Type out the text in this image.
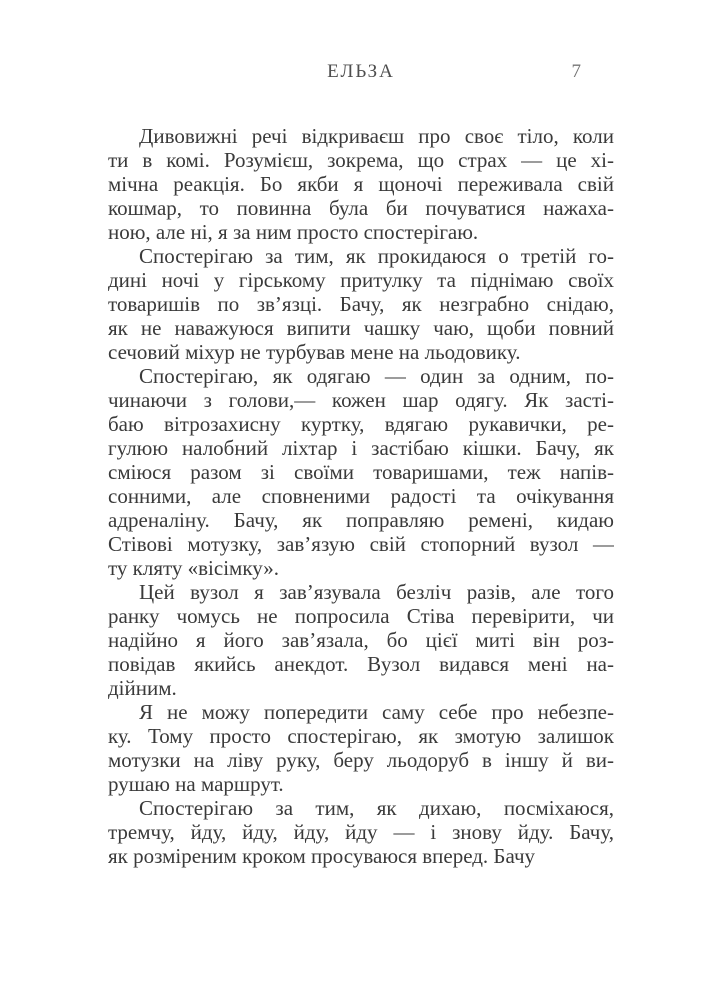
ЕЛЬЗА	7
Дивовижні речі відкриваєш про своє тіло, коли
ти в комі. Розумієш, зокрема, що страх — це хі-
мічна реакція. Бо якби я щоночі переживала свій
кошмар, то повинна була би почуватися нажаха-
ною, але ні, я за ним просто спостерігаю.
Спостерігаю за тим, як прокидаюся о третій го-
дині ночі у гірському притулку та піднімаю своїх
товаришів по зв’язці. Бачу, як незграбно снідаю,
як не наважуюся випити чашку чаю, щоби повний
сечовий міхур не турбував мене на льодовику.
Спостерігаю, як одягаю — один за одним, по-
чинаючи з голови,— кожен шар одягу. Як засті-
баю вітрозахисну куртку, вдягаю рукавички, ре-
гулюю налобний ліхтар і застібаю кішки. Бачу, як
сміюся разом зі своїми товаришами, теж напів-
сонними, але сповненими радості та очікування
адреналіну. Бачу, як поправляю ремені, кидаю
Стівові мотузку, зав’язую свій стопорний вузол —
ту кляту «вісімку».
Цей вузол я зав’язувала безліч разів, але того
ранку чомусь не попросила Стіва перевірити, чи
надійно я його зав’язала, бо цієї миті він роз-
повідав якийсь анекдот. Вузол видався мені на-
дійним.
Я не можу попередити саму себе про небезпе-
ку. Тому просто спостерігаю, як змотую залишок
мотузки на ліву руку, беру льодоруб в іншу й ви-
рушаю на маршрут.
Спостерігаю за тим, як дихаю, посміхаюся,
тремчу, йду, йду, йду, йду — і знову йду. Бачу,
як розміреним кроком просуваюся вперед. Бачу
